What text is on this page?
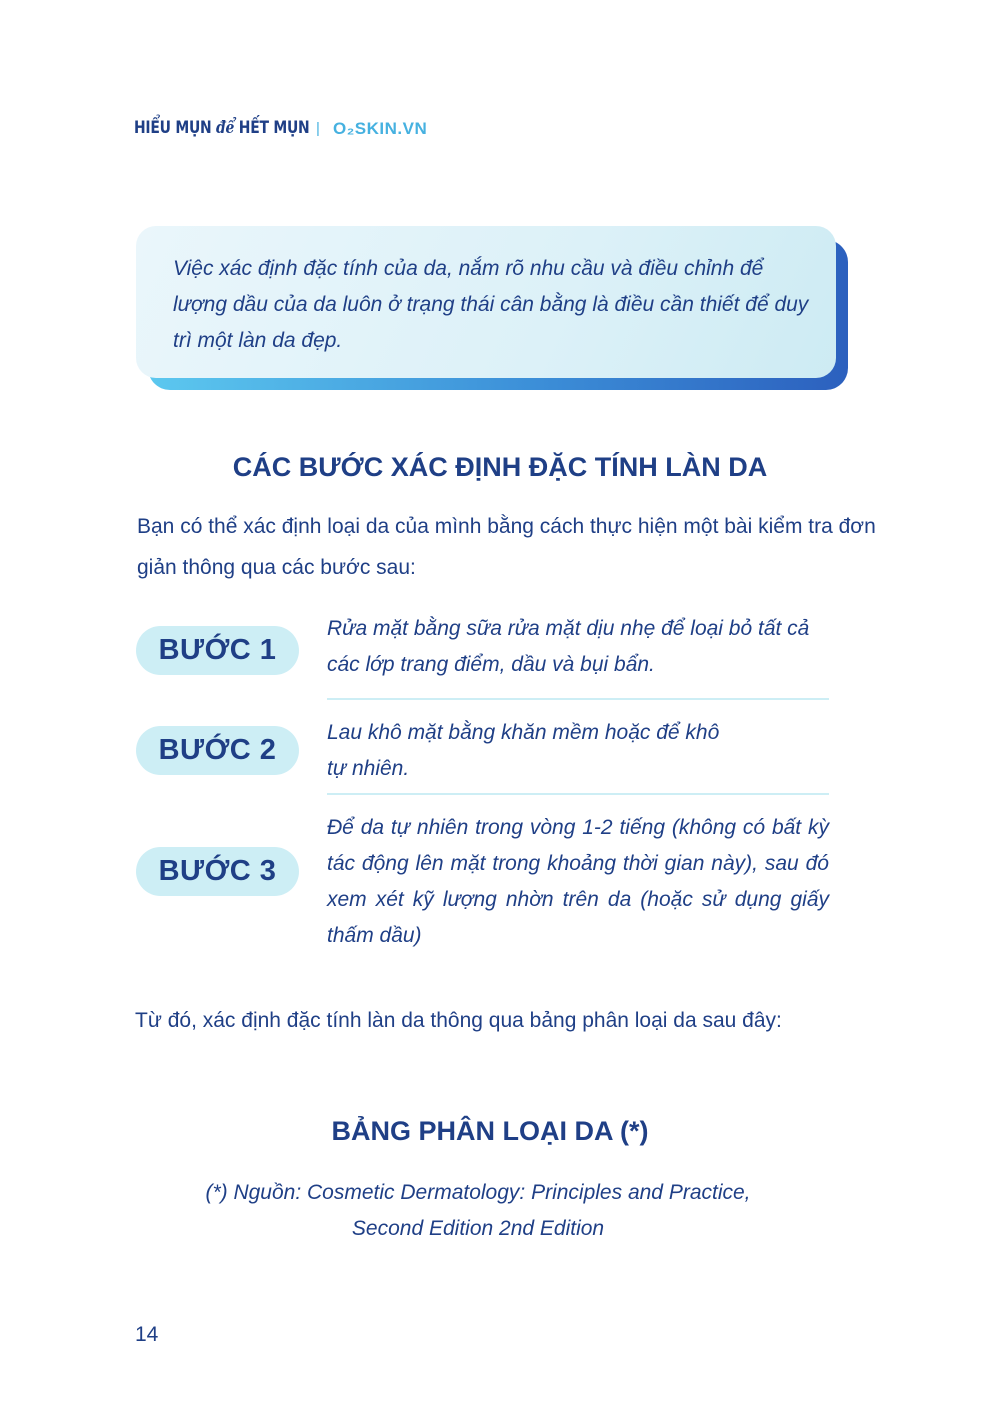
HIỂU MỤN để HẾT MỤN | O₂SKIN.VN

Việc xác định đặc tính của da, nắm rõ nhu cầu và điều chỉnh để lượng dầu của da luôn ở trạng thái cân bằng là điều cần thiết để duy trì một làn da đẹp.

CÁC BƯỚC XÁC ĐỊNH ĐẶC TÍNH LÀN DA

Bạn có thể xác định loại da của mình bằng cách thực hiện một bài kiểm tra đơn giản thông qua các bước sau:

BƯỚC 1

Rửa mặt bằng sữa rửa mặt dịu nhẹ để loại bỏ tất cả các lớp trang điểm, dầu và bụi bẩn.

BƯỚC 2
Lau khô mặt bằng khăn mềm hoặc để khô
tự nhiên.
BƯỚC 3

Để da tự nhiên trong vòng 1-2 tiếng (không có bất kỳ tác động lên mặt trong khoảng thời gian này), sau đó xem xét kỹ lượng nhờn trên da (hoặc sử dụng giấy thấm dầu)

Từ đó, xác định đặc tính làn da thông qua bảng phân loại da sau đây:

BẢNG PHÂN LOẠI DA (*)
(*) Nguồn: Cosmetic Dermatology: Principles and Practice,
Second Edition 2nd Edition
14
